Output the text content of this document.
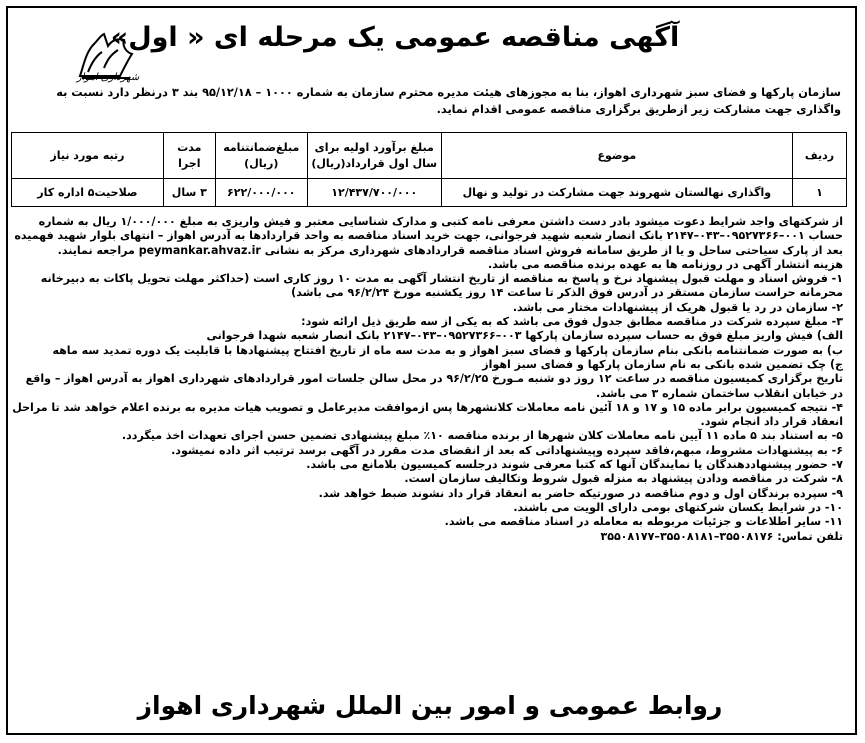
شهرداری اهواز
آگهی مناقصه عمومی یک مرحله ای « اول»
سازمان پارکها و فضای سبز شهرداری اهواز، بنا به مجوزهای هیئت مدیره محترم سازمان به شماره ۱۰۰۰ – ۹۵/۱۲/۱۸ بند ۳ درنظر دارد نسبت به واگذاری جهت مشارکت زیر ازطریق برگزاری مناقصه عمومی اقدام نماید.
ردیف	موضوع	مبلغ برآورد اولیه برای سال اول قرارداد(ریال)	مبلغ‌ضمانتنامه (ریال)	مدت اجرا	رتبه مورد نیاز
۱	واگذاری نهالستان شهروند جهت مشارکت در تولید و نهال	۱۲/۴۳۷/۷۰۰/۰۰۰	۶۲۲/۰۰۰/۰۰۰	۳ سال	صلاحیت۵ اداره کار

از شرکتهای واجد شرایط دعوت میشود بادر دست داشتن معرفی نامه کتبی و مدارک شناسایی معتبر و فیش واریزی به مبلغ ۱/۰۰۰/۰۰۰ ریال به شماره حساب ۰۰۱–۰۹۵۲۷۳۶۶–۰۴۳–۲۱۴۷ بانک انصار شعبه شهید فرجوانی، جهت خرید اسناد مناقصه به واحد قراردادها به آدرس اهواز – انتهای بلوار شهید فهمیده بعد از پارک سیاحتی ساحل و یا از طریق سامانه فروش اسناد مناقصه قراردادهای شهرداری مرکز به نشانی peymankar.ahvaz.ir مراجعه نمایند.

هزینه انتشار آگهی در روزنامه ها به عهده برنده مناقصه می باشد.

۱- فروش اسناد و مهلت قبول پیشنهاد نرخ و پاسخ به مناقصه از تاریخ انتشار آگهی به مدت ۱۰ روز کاری است (حداکثر مهلت تحویل پاکات به دبیرخانه محرمانه حراست سازمان مستقر در آدرس فوق الذکر تا ساعت ۱۴ روز یکشنبه مورخ ۹۶/۲/۲۴ می باشد)

۲- سازمان در رد یا قبول هریک از پیشنهادات مختار می باشد.

۳- مبلغ سپرده شرکت در مناقصه مطابق جدول فوق می باشد که به یکی از سه طریق ذیل ارائه شود:

الف) فیش واریز مبلغ فوق به حساب سپرده سازمان پارکها ۰۰۳–۰۹۵۲۷۳۶۶–۰۴۳–۲۱۴۷ بانک انصار شعبه شهدا فرجوانی

ب) به صورت ضمانتنامه بانکی بنام سازمان پارکها و فضای سبز اهواز و به مدت سه ماه از تاریخ افتتاح پیشنهادها با قابلیت یک دوره تمدید سه ماهه

ج) چک تضمین شده بانکی به نام سازمان پارکها و فضای سبز اهواز

تاریخ برگزاری کمیسیون مناقصه در ساعت ۱۲ روز دو شنبه مـورخ ۹۶/۲/۲۵ در محل سالن جلسات امور قراردادهای شهرداری اهواز به آدرس اهواز – واقع در خیابان انقلاب ساختمان شماره ۳ می باشد.

۴- نتیجه کمیسیون برابر ماده ۱۵ و ۱۷ و ۱۸ آئین نامه معاملات کلانشهرها پس ازموافقت مدیرعامل و تصویب هیات مدیره به برنده اعلام خواهد شد تا مراحل انعقاد قرار داد انجام شود.

۵- به استناد بند ۵ ماده ۱۱ آیین نامه معاملات کلان شهرها از برنده مناقصه ۱۰٪ مبلغ پیشنهادی تضمین حسن اجرای تعهدات اخذ میگردد.

۶- به پیشنهادات مشروط، مبهم،فاقد سپرده وپیشنهاداتی که بعد از انقضای مدت مقرر در آگهی برسد ترتیب اثر داده نمیشود.

۷- حضور پیشنهاددهندگان یا نمایندگان آنها که کتبا معرفی شوند درجلسه کمیسیون بلامانع می باشد.

۸- شرکت در مناقصه ودادن پیشنهاد به منزله قبول شروط وتکالیف سازمان است.

۹- سپرده برندگان اول و دوم مناقصه در صورتیکه حاضر به انعقاد قرار داد نشوند ضبط خواهد شد.

۱۰- در شرایط یکسان شرکتهای بومی دارای الویت می باشند.

۱۱- سایر اطلاعات و جزئیات مربوطه به معامله در اسناد مناقصه می باشد.

تلفن تماس: ۳۵۵۰۸۱۷۶–۳۵۵۰۸۱۸۱–۳۵۵۰۸۱۷۷

روابط عمومی و امور بین الملل شهرداری اهواز
